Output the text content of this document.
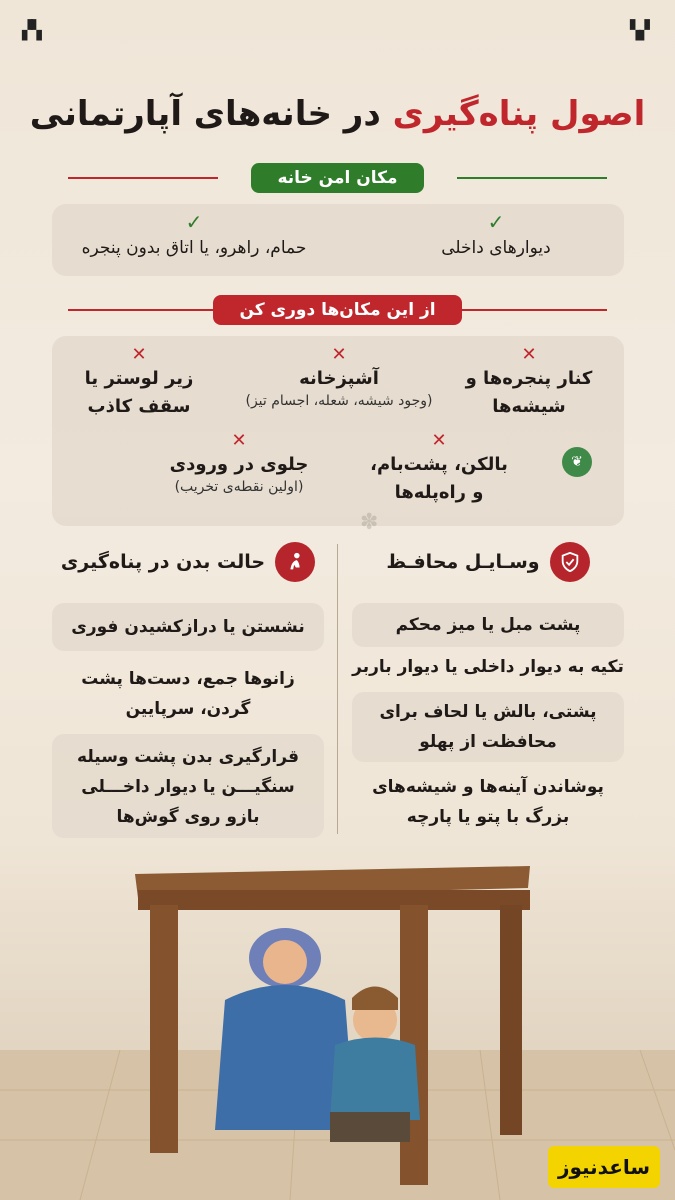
▚▞	▞▚
اصول پناه‌گیری در خانه‌های آپارتمانی
مکان امن خانه
✓
دیوارهای داخلی
✓
حمام، راهرو، یا اتاق بدون پنجره
از این مکان‌ها دوری کن
✕
کنار پنجره‌ها و شیشه‌ها
✕
آشپزخانه
(وجود شیشه، شعله، اجسام تیز)
✕
زیر لوستر یا سقف کاذب
✕
بالکن، پشت‌بام، و راه‌پله‌ها
✕
جلوی در ورودی
(اولین نقطه‌ی تخریب)
❦
وسـایـل محافـظ
پشت مبل یا میز محکم
تکیه به دیوار داخلی یا دیوار باربر
پشتی، بالش یا لحاف برای محافظت از پهلو
پوشاندن آینه‌ها و شیشه‌های بزرگ با پتو یا پارچه
حالت بدن در پناه‌گیری
نشستن یا دراز‌کشیدن فوری
زانوها جمع، دست‌ها پشت گردن، سرپایین
قرارگیری بدن پشت وسیله سنگیـــن یا دیوار داخـــلی بازو روی گوش‌ها
✽
ساعدنیوز
